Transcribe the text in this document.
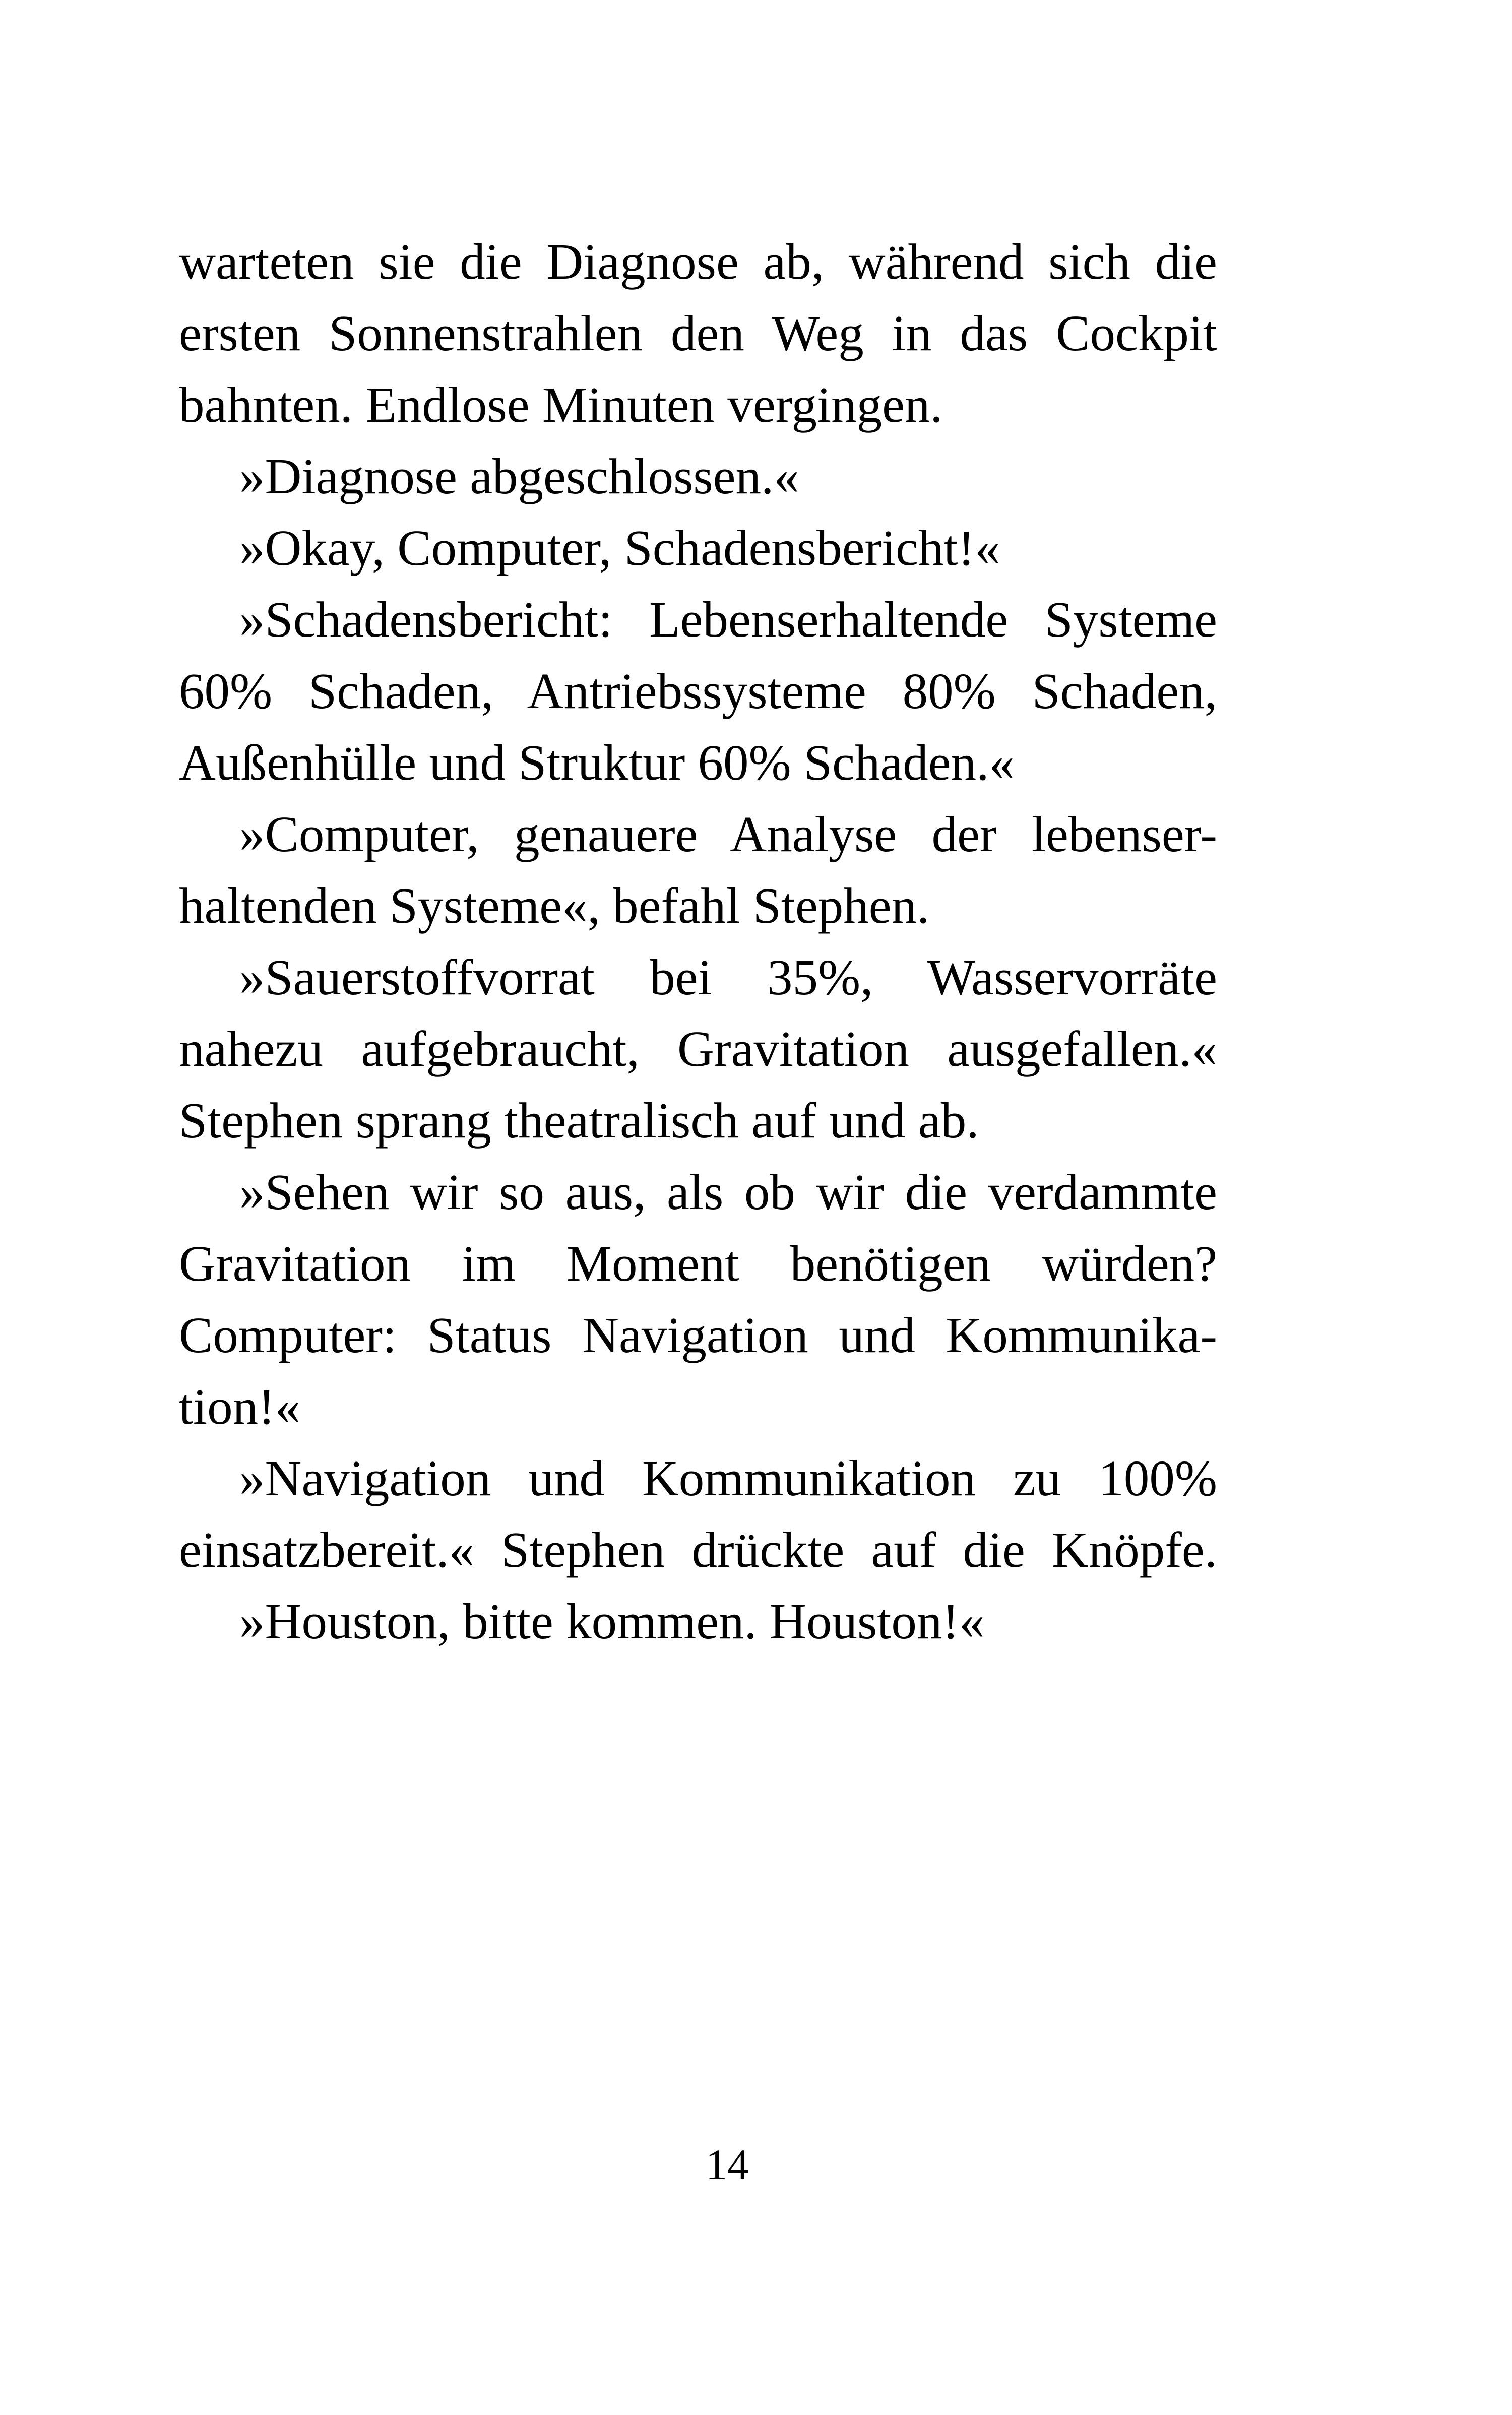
warteten sie die Diagnose ab, während sich die
ersten Sonnenstrahlen den Weg in das Cockpit
bahnten. Endlose Minuten vergingen.
»Diagnose abgeschlossen.«
»Okay, Computer, Schadensbericht!«
»Schadensbericht: Lebenserhaltende Systeme
60% Schaden, Antriebssysteme 80% Schaden,
Außenhülle und Struktur 60% Schaden.«
»Computer, genauere Analyse der lebenser-
haltenden Systeme«, befahl Stephen.
»Sauerstoffvorrat bei 35%, Wasservorräte
nahezu aufgebraucht, Gravitation ausgefallen.«
Stephen sprang theatralisch auf und ab.
»Sehen wir so aus, als ob wir die verdammte
Gravitation im Moment benötigen würden?
Computer: Status Navigation und Kommunika-
tion!«
»Navigation und Kommunikation zu 100%
einsatzbereit.« Stephen drückte auf die Knöpfe.
»Houston, bitte kommen. Houston!«
14
